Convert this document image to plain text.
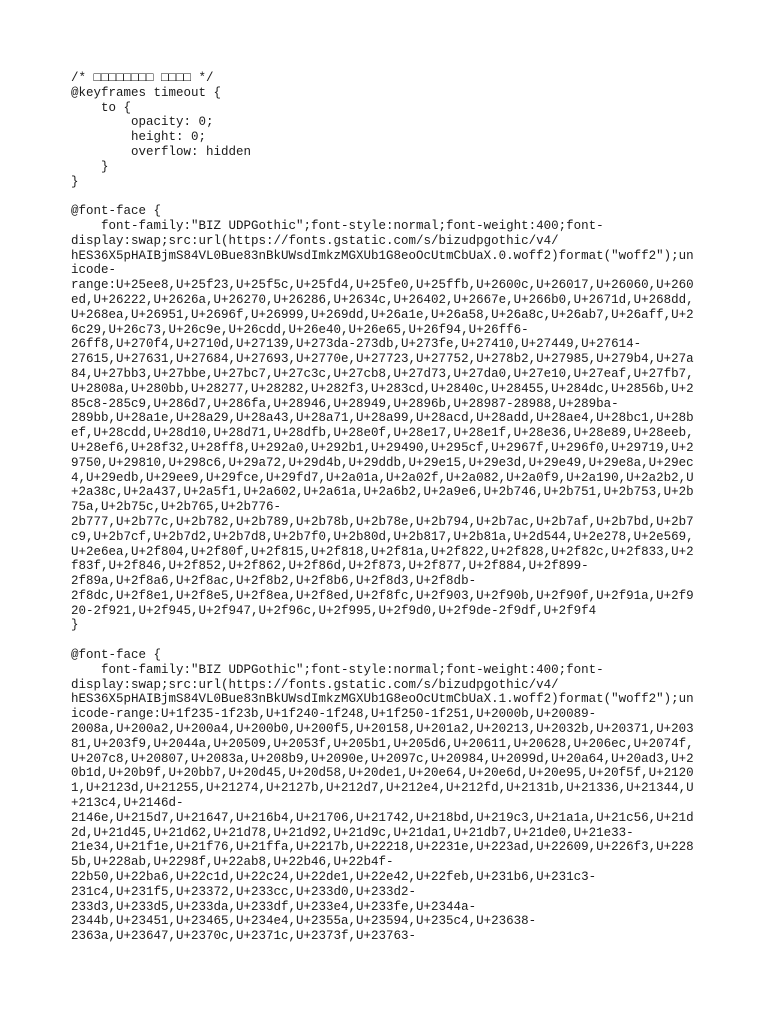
/* □□□□□□□□ □□□□ */
@keyframes timeout {
to {
opacity: 0;
height: 0;
overflow: hidden
}
}
@font-face {
font-family:"BIZ UDPGothic";font-style:normal;font-weight:400;font-
display:swap;src:url(https://fonts.gstatic.com/s/bizudpgothic/v4/
hES36X5pHAIBjmS84VL0Bue83nBkUWsdImkzMGXUb1G8eoOcUtmCbUaX.0.woff2)format("woff2");un
icode-
range:U+25ee8,U+25f23,U+25f5c,U+25fd4,U+25fe0,U+25ffb,U+2600c,U+26017,U+26060,U+260
ed,U+26222,U+2626a,U+26270,U+26286,U+2634c,U+26402,U+2667e,U+266b0,U+2671d,U+268dd,
U+268ea,U+26951,U+2696f,U+26999,U+269dd,U+26a1e,U+26a58,U+26a8c,U+26ab7,U+26aff,U+2
6c29,U+26c73,U+26c9e,U+26cdd,U+26e40,U+26e65,U+26f94,U+26ff6-
26ff8,U+270f4,U+2710d,U+27139,U+273da-273db,U+273fe,U+27410,U+27449,U+27614-
27615,U+27631,U+27684,U+27693,U+2770e,U+27723,U+27752,U+278b2,U+27985,U+279b4,U+27a
84,U+27bb3,U+27bbe,U+27bc7,U+27c3c,U+27cb8,U+27d73,U+27da0,U+27e10,U+27eaf,U+27fb7,
U+2808a,U+280bb,U+28277,U+28282,U+282f3,U+283cd,U+2840c,U+28455,U+284dc,U+2856b,U+2
85c8-285c9,U+286d7,U+286fa,U+28946,U+28949,U+2896b,U+28987-28988,U+289ba-
289bb,U+28a1e,U+28a29,U+28a43,U+28a71,U+28a99,U+28acd,U+28add,U+28ae4,U+28bc1,U+28b
ef,U+28cdd,U+28d10,U+28d71,U+28dfb,U+28e0f,U+28e17,U+28e1f,U+28e36,U+28e89,U+28eeb,
U+28ef6,U+28f32,U+28ff8,U+292a0,U+292b1,U+29490,U+295cf,U+2967f,U+296f0,U+29719,U+2
9750,U+29810,U+298c6,U+29a72,U+29d4b,U+29ddb,U+29e15,U+29e3d,U+29e49,U+29e8a,U+29ec
4,U+29edb,U+29ee9,U+29fce,U+29fd7,U+2a01a,U+2a02f,U+2a082,U+2a0f9,U+2a190,U+2a2b2,U
+2a38c,U+2a437,U+2a5f1,U+2a602,U+2a61a,U+2a6b2,U+2a9e6,U+2b746,U+2b751,U+2b753,U+2b
75a,U+2b75c,U+2b765,U+2b776-
2b777,U+2b77c,U+2b782,U+2b789,U+2b78b,U+2b78e,U+2b794,U+2b7ac,U+2b7af,U+2b7bd,U+2b7
c9,U+2b7cf,U+2b7d2,U+2b7d8,U+2b7f0,U+2b80d,U+2b817,U+2b81a,U+2d544,U+2e278,U+2e569,
U+2e6ea,U+2f804,U+2f80f,U+2f815,U+2f818,U+2f81a,U+2f822,U+2f828,U+2f82c,U+2f833,U+2
f83f,U+2f846,U+2f852,U+2f862,U+2f86d,U+2f873,U+2f877,U+2f884,U+2f899-
2f89a,U+2f8a6,U+2f8ac,U+2f8b2,U+2f8b6,U+2f8d3,U+2f8db-
2f8dc,U+2f8e1,U+2f8e5,U+2f8ea,U+2f8ed,U+2f8fc,U+2f903,U+2f90b,U+2f90f,U+2f91a,U+2f9
20-2f921,U+2f945,U+2f947,U+2f96c,U+2f995,U+2f9d0,U+2f9de-2f9df,U+2f9f4
}
@font-face {
font-family:"BIZ UDPGothic";font-style:normal;font-weight:400;font-
display:swap;src:url(https://fonts.gstatic.com/s/bizudpgothic/v4/
hES36X5pHAIBjmS84VL0Bue83nBkUWsdImkzMGXUb1G8eoOcUtmCbUaX.1.woff2)format("woff2");un
icode-range:U+1f235-1f23b,U+1f240-1f248,U+1f250-1f251,U+2000b,U+20089-
2008a,U+200a2,U+200a4,U+200b0,U+200f5,U+20158,U+201a2,U+20213,U+2032b,U+20371,U+203
81,U+203f9,U+2044a,U+20509,U+2053f,U+205b1,U+205d6,U+20611,U+20628,U+206ec,U+2074f,
U+207c8,U+20807,U+2083a,U+208b9,U+2090e,U+2097c,U+20984,U+2099d,U+20a64,U+20ad3,U+2
0b1d,U+20b9f,U+20bb7,U+20d45,U+20d58,U+20de1,U+20e64,U+20e6d,U+20e95,U+20f5f,U+2120
1,U+2123d,U+21255,U+21274,U+2127b,U+212d7,U+212e4,U+212fd,U+2131b,U+21336,U+21344,U
+213c4,U+2146d-
2146e,U+215d7,U+21647,U+216b4,U+21706,U+21742,U+218bd,U+219c3,U+21a1a,U+21c56,U+21d
2d,U+21d45,U+21d62,U+21d78,U+21d92,U+21d9c,U+21da1,U+21db7,U+21de0,U+21e33-
21e34,U+21f1e,U+21f76,U+21ffa,U+2217b,U+22218,U+2231e,U+223ad,U+22609,U+226f3,U+228
5b,U+228ab,U+2298f,U+22ab8,U+22b46,U+22b4f-
22b50,U+22ba6,U+22c1d,U+22c24,U+22de1,U+22e42,U+22feb,U+231b6,U+231c3-
231c4,U+231f5,U+23372,U+233cc,U+233d0,U+233d2-
233d3,U+233d5,U+233da,U+233df,U+233e4,U+233fe,U+2344a-
2344b,U+23451,U+23465,U+234e4,U+2355a,U+23594,U+235c4,U+23638-
2363a,U+23647,U+2370c,U+2371c,U+2373f,U+23763-
